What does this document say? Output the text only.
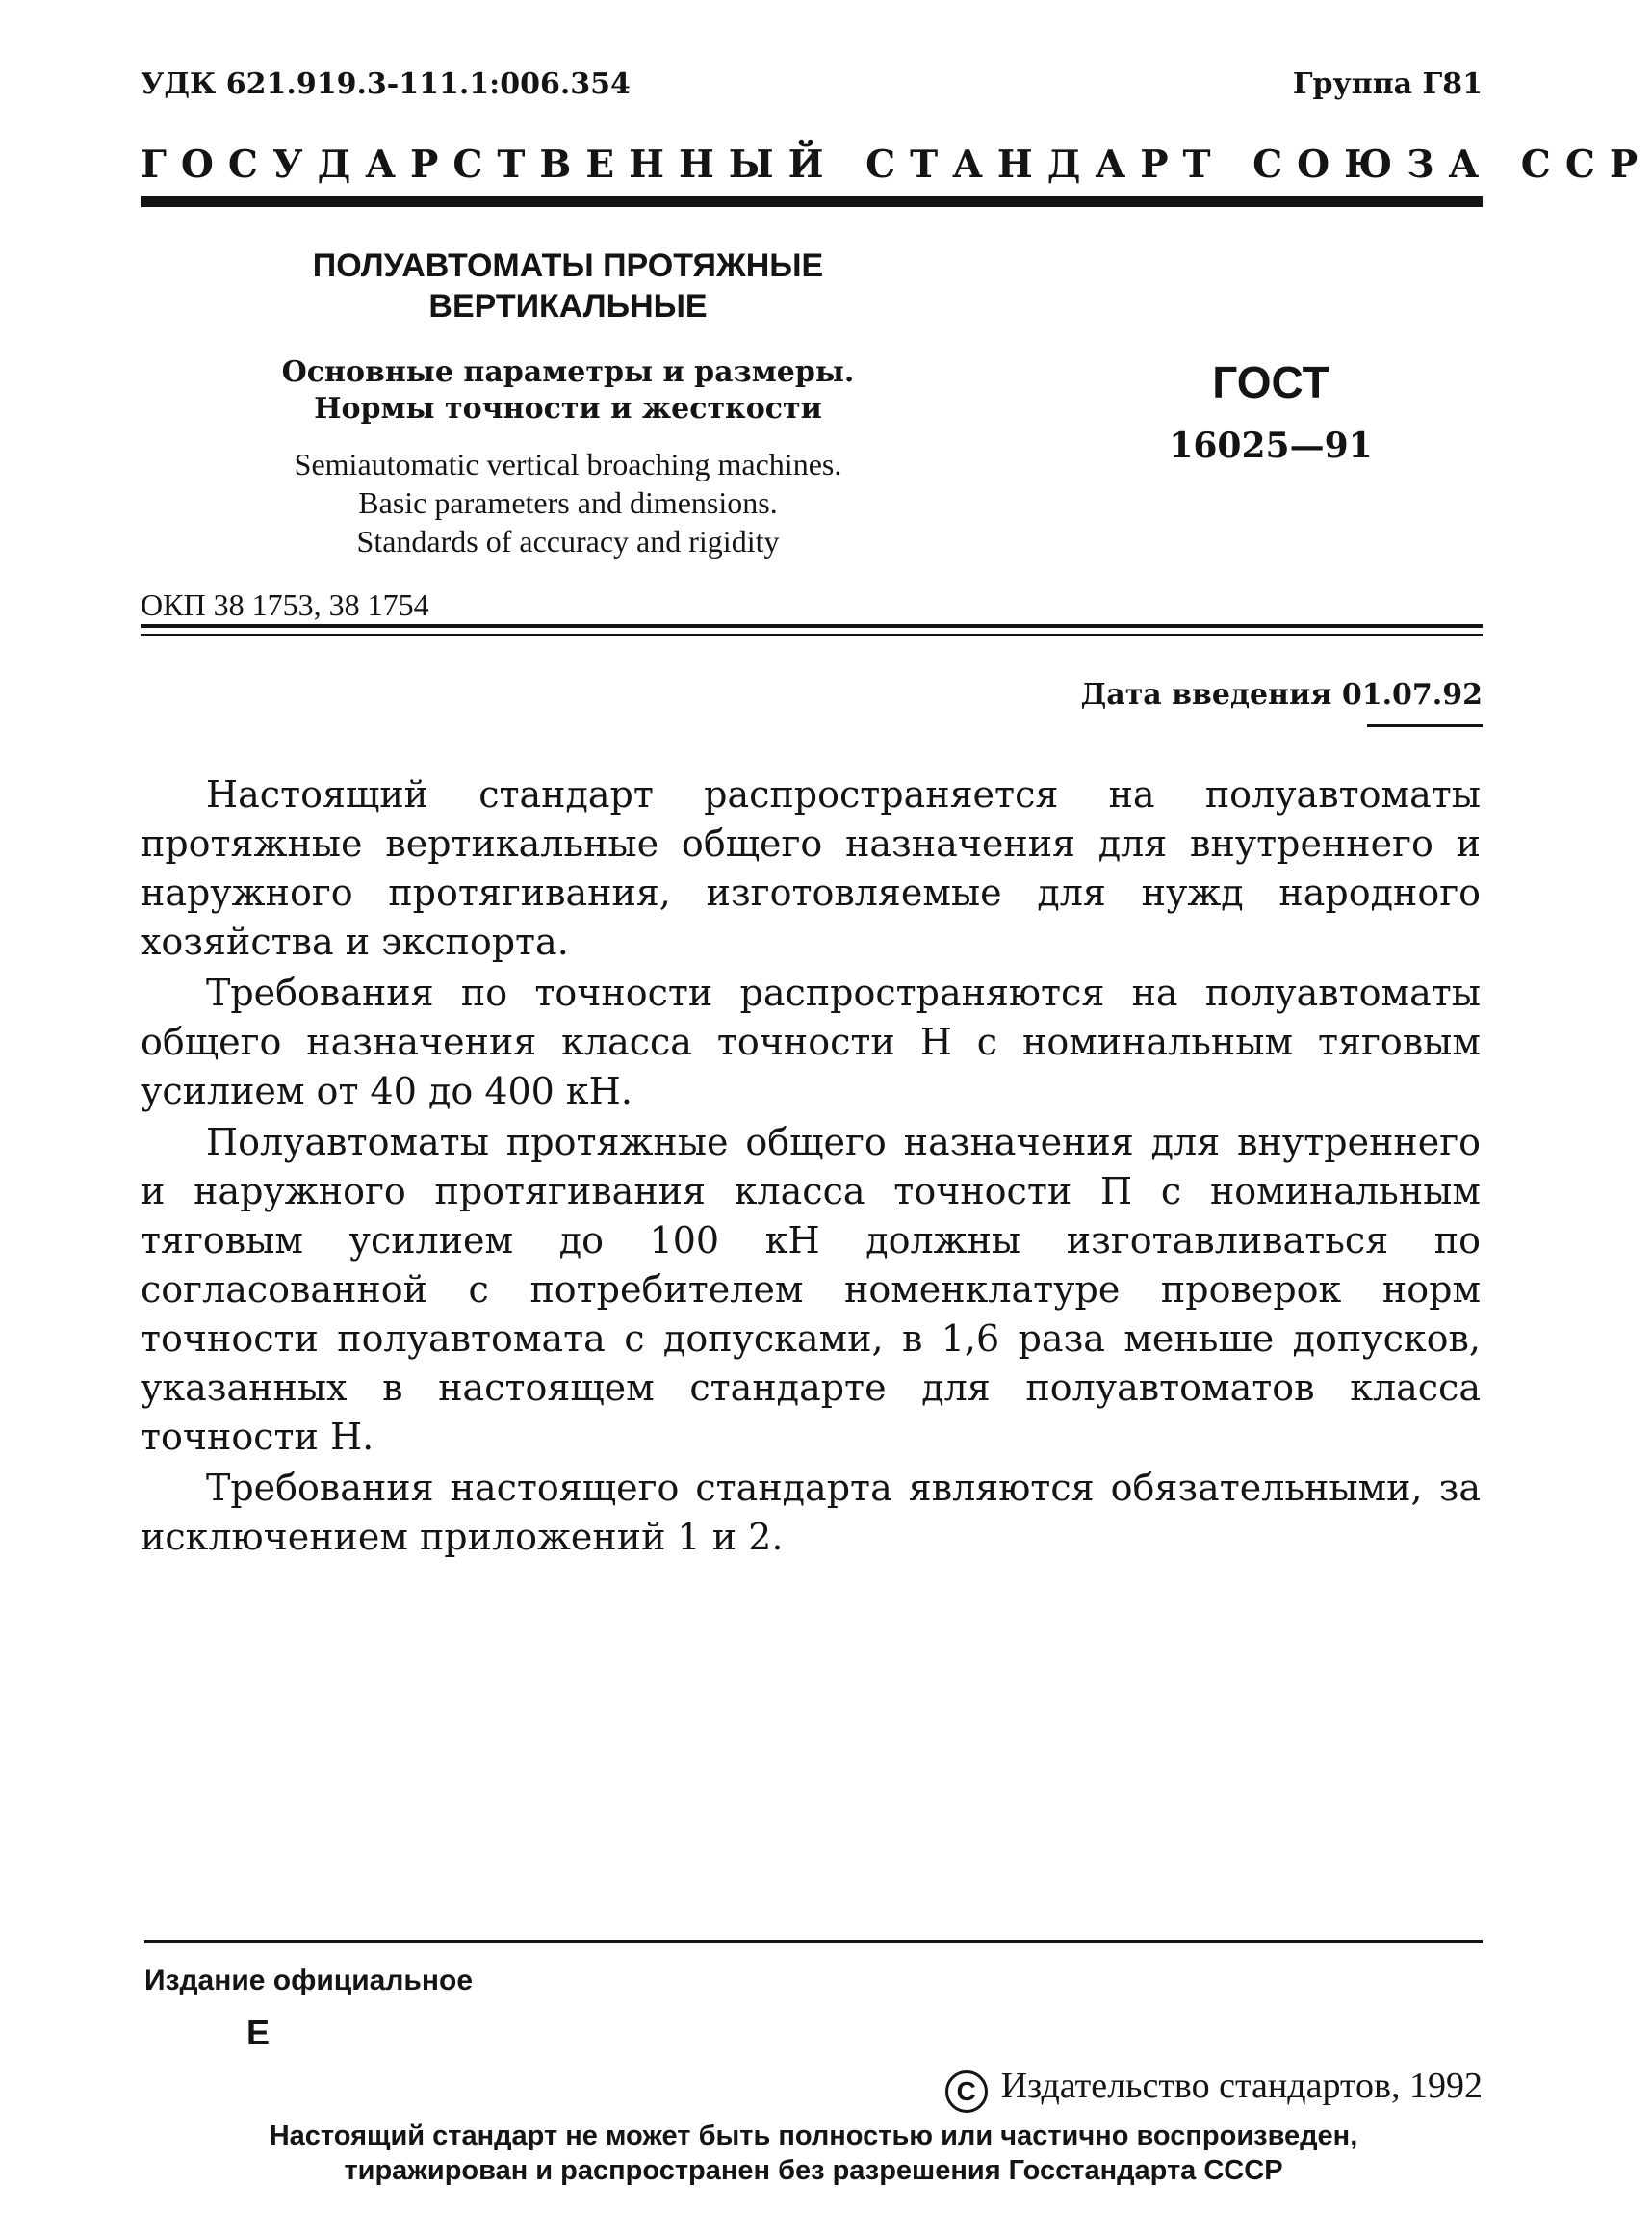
УДК 621.919.3-111.1:006.354	Группа Г81
ГОСУДАРСТВЕННЫЙ СТАНДАРТ СОЮЗА ССР
ПОЛУАВТОМАТЫ ПРОТЯЖНЫЕ
ВЕРТИКАЛЬНЫЕ
Основные параметры и размеры.
Нормы точности и жесткости
Semiautomatic vertical broaching machines.
Basic parameters and dimensions.
Standards of accuracy and rigidity
ГОСТ
16025—91
ОКП 38 1753, 38 1754
Дата введения 01.07.92

Настоящий стандарт распространяется на полуавтоматы протяжные вертикальные общего назначения для внутреннего и наружного протягивания, изготовляемые для нужд народного хозяйства и экспорта.

Требования по точности распространяются на полуавтоматы общего назначения класса точности Н с номинальным тяговым усилием от 40 до 400 кН.

Полуавтоматы протяжные общего назначения для внутреннего и наружного протягивания класса точности П с номинальным тяговым усилием до 100 кН должны изготавливаться по согласованной с потребителем номенклатуре проверок норм точности полуавтомата с допусками, в 1,6 раза меньше допусков, указанных в настоящем стандарте для полуавтоматов класса точности Н.

Требования настоящего стандарта являются обязательными, за исключением приложений 1 и 2.

Издание официальное
Е
C Издательство стандартов, 1992
Настоящий стандарт не может быть полностью или частично воспроизведен,
тиражирован и распространен без разрешения Госстандарта СССР
